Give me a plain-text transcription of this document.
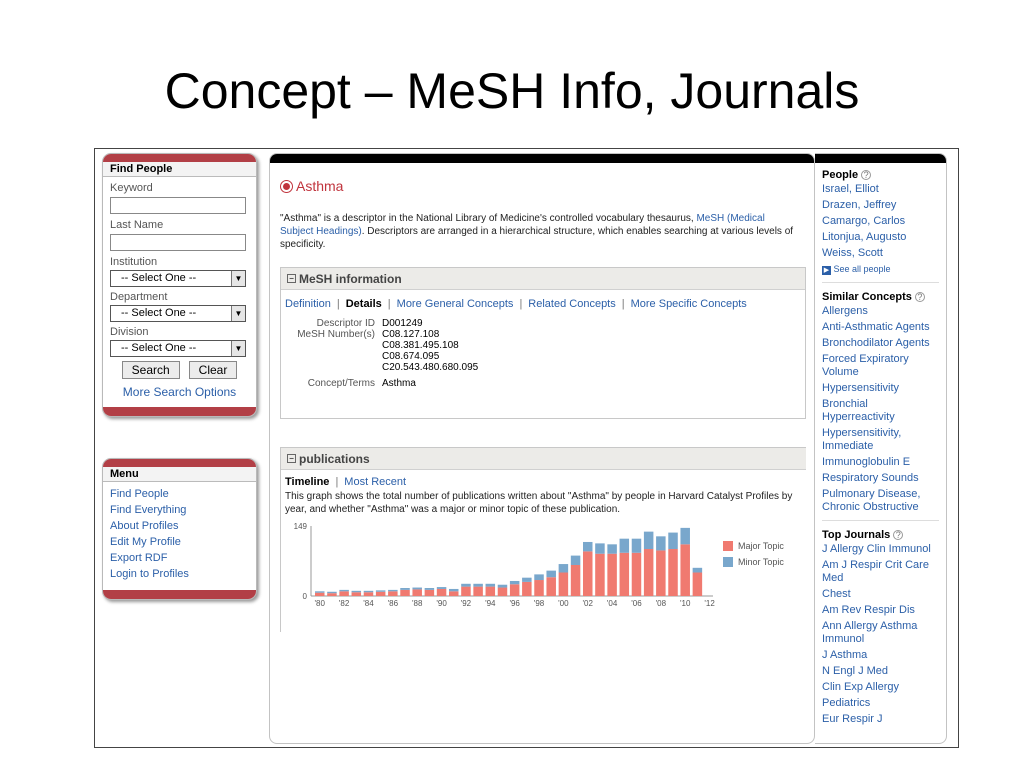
Concept – MeSH Info, Journals
Find People
Keyword
Last Name
Institution
-- Select One --	▼
Department
-- Select One --	▼
Division
-- Select One --	▼
Search	Clear
More Search Options
Menu
Find People
Find Everything
About Profiles
Edit My Profile
Export RDF
Login to Profiles
Asthma
"Asthma" is a descriptor in the National Library of Medicine's controlled vocabulary thesaurus, MeSH (Medical Subject Headings). Descriptors are arranged in a hierarchical structure, which enables searching at various levels of specificity.
− MeSH information
Definition | Details | More General Concepts | Related Concepts | More Specific Concepts
Descriptor ID D001249
MeSH Number(s) C08.127.108
C08.381.495.108
C08.674.095
C20.543.480.680.095
Concept/Terms Asthma
− publications
Timeline | Most Recent
This graph shows the total number of publications written about "Asthma" by people in Harvard Catalyst Profiles by year, and whether "Asthma" was a major or minor topic of these publication.
149
0
'80 '82 '84 '86 '88 '90 '92 '94 '96 '98 '00 '02 '04 '06 '08 '10 '12
Major Topic
Minor Topic
People ?
Israel, Elliot
Drazen, Jeffrey
Camargo, Carlos
Litonjua, Augusto
Weiss, Scott
▶ See all people
Similar Concepts ?
Allergens
Anti-Asthmatic Agents
Bronchodilator Agents
Forced Expiratory Volume
Hypersensitivity
Bronchial Hyperreactivity
Hypersensitivity, Immediate
Immunoglobulin E
Respiratory Sounds
Pulmonary Disease, Chronic Obstructive
Top Journals ?
J Allergy Clin Immunol
Am J Respir Crit Care Med
Chest
Am Rev Respir Dis
Ann Allergy Asthma Immunol
J Asthma
N Engl J Med
Clin Exp Allergy
Pediatrics
Eur Respir J
